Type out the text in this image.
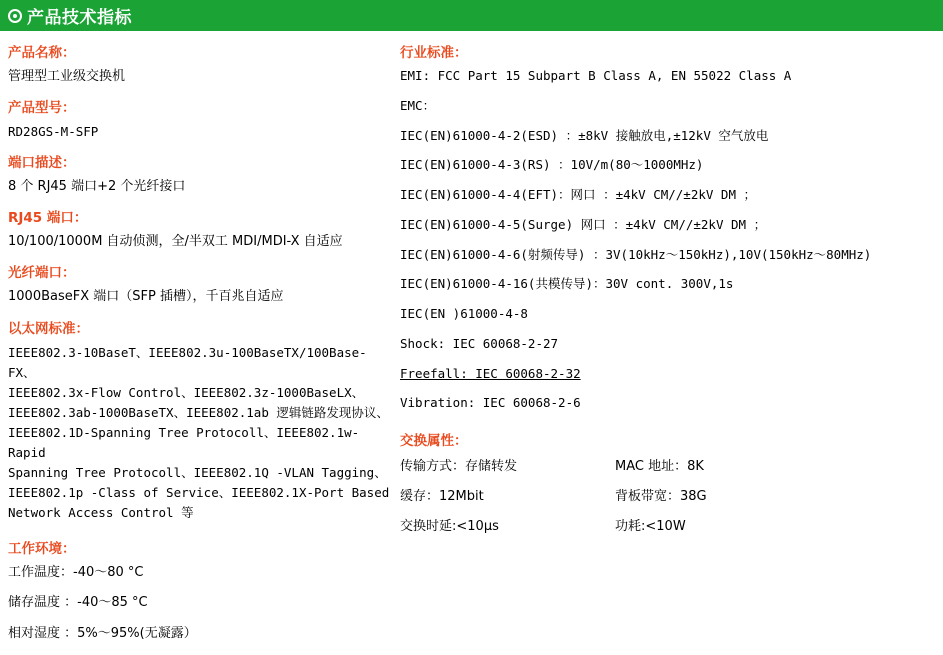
产品技术指标
产品名称：
管理型工业级交换机
产品型号：
RD28GS-M-SFP
端口描述：
8 个 RJ45 端口+2 个光纤接口
RJ45 端口：
10/100/1000M 自动侦测，全/半双工 MDI/MDI-X 自适应
光纤端口：
1000BaseFX 端口（SFP 插槽），千百兆自适应
以太网标准：
IEEE802.3-10BaseT、IEEE802.3u-100BaseTX/100Base-FX、
IEEE802.3x-Flow Control、IEEE802.3z-1000BaseLX、
IEEE802.3ab-1000BaseTX、IEEE802.1ab 逻辑链路发现协议、
IEEE802.1D-Spanning Tree Protocoll、IEEE802.1w-Rapid
Spanning Tree Protocoll、IEEE802.1Q -VLAN Tagging、
IEEE802.1p -Class of Service、IEEE802.1X-Port Based
Network Access Control 等
工作环境：
工作温度：-40～80 °C
储存温度 ：-40～85 °C
相对湿度 ：5%～95%(无凝露）
行业标准：
EMI: FCC Part 15 Subpart B Class A, EN 55022 Class A
EMC：
IEC(EN)61000-4-2(ESD) ：±8kV 接触放电,±12kV 空气放电
IEC(EN)61000-4-3(RS) ：10V/m(80～1000MHz)
IEC(EN)61000-4-4(EFT)：网口 ：±4kV CM//±2kV DM ；
IEC(EN)61000-4-5(Surge) 网口 ：±4kV CM//±2kV DM ；
IEC(EN)61000-4-6(射频传导) ：3V(10kHz～150kHz),10V(150kHz～80MHz)
IEC(EN)61000-4-16(共模传导)：30V cont. 300V,1s
IEC(EN )61000-4-8
Shock: IEC 60068-2-27
Freefall: IEC 60068-2-32
Vibration: IEC 60068-2-6
交换属性：
传输方式：存储转发	MAC 地址：8K
缓存：12Mbit	背板带宽：38G
交换时延:<10μs	功耗:<10W
